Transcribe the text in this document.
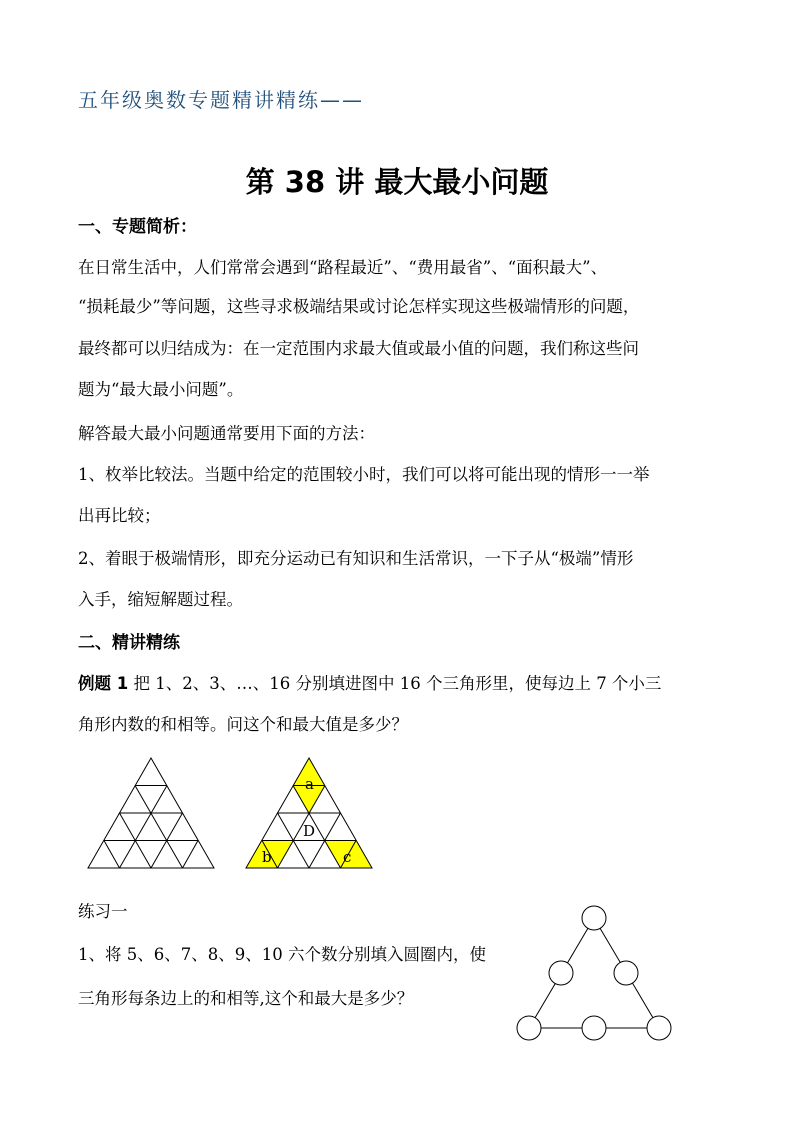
五年级奥数专题精讲精练——
第 38 讲 最大最小问题
一、专题简析：
在日常生活中，人们常常会遇到“路程最近”、“费用最省”、“面积最大”、
“损耗最少”等问题，这些寻求极端结果或讨论怎样实现这些极端情形的问题，
最终都可以归结成为：在一定范围内求最大值或最小值的问题，我们称这些问
题为“最大最小问题”。
解答最大最小问题通常要用下面的方法：
1、枚举比较法。当题中给定的范围较小时，我们可以将可能出现的情形一一举
出再比较；
2、着眼于极端情形，即充分运动已有知识和生活常识，一下子从“极端”情形
入手，缩短解题过程。
二、精讲精练
例题 1 把 1、2、3、…、16 分别填进图中 16 个三角形里，使每边上 7 个小三
角形内数的和相等。问这个和最大值是多少？
a
D
b	c
练习一
1、将 5、6、7、8、9、10 六个数分别填入圆圈内，使
三角形每条边上的和相等,这个和最大是多少？
